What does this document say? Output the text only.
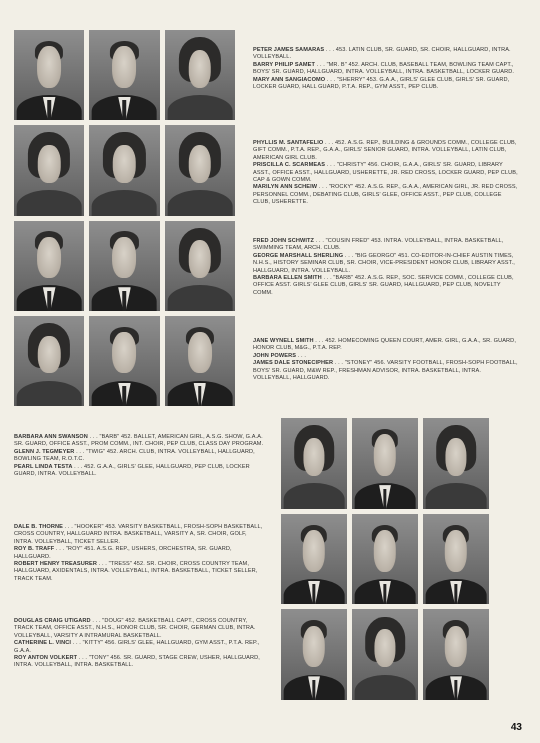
PETER JAMES SAMARAS . . . 453. LATIN CLUB, SR. GUARD, SR. CHOIR, HALLGUARD, INTRA. VOLLEYBALL.

BARRY PHILIP SAMET . . . "MR. B" 452. ARCH. CLUB, BASEBALL TEAM, BOWLING TEAM CAPT., BOYS' SR. GUARD, HALLGUARD, INTRA. VOLLEYBALL, INTRA. BASKETBALL, LOCKER GUARD.

MARY ANN SANGIACOMO . . . "SHERRY" 453. G.A.A., GIRLS' GLEE CLUB, GIRLS' SR. GUARD, LOCKER GUARD, HALL GUARD, P.T.A. REP., GYM ASST., PEP CLUB.

PHYLLIS M. SANTAFELIO . . . 452. A.S.G. REP., BUILDING & GROUNDS COMM., COLLEGE CLUB, GIFT COMM., P.T.A. REP., G.A.A., GIRLS' SENIOR GUARD, INTRA. VOLLEYBALL, LATIN CLUB, AMERICAN GIRL CLUB.

PRISCILLA C. SCARMEAS . . . "CHRISTY" 456. CHOIR, G.A.A., GIRLS' SR. GUARD, LIBRARY ASST., OFFICE ASST., HALLGUARD, USHERETTE, JR. RED CROSS, LOCKER GUARD, PEP CLUB, CAP & GOWN COMM.

MARILYN ANN SCHEIW . . . "ROCKY" 452. A.S.G. REP., G.A.A., AMERICAN GIRL, JR. RED CROSS, PERSONNEL COMM., DEBATING CLUB, GIRLS' GLEE, OFFICE ASST., PEP CLUB, COLLEGE CLUB, USHERETTE.

FRED JOHN SCHWITZ . . . "COUSIN FRED" 453. INTRA. VOLLEYBALL, INTRA. BASKETBALL, SWIMMING TEAM, ARCH. CLUB.

GEORGE MARSHALL SHERLING . . . "BIG GEORGO" 451. CO-EDITOR-IN-CHIEF AUSTIN TIMES, N.H.S., HISTORY SEMINAR CLUB, SR. CHOIR, VICE-PRESIDENT HONOR CLUB, LIBRARY ASST., HALLGUARD, INTRA. VOLLEYBALL.

BARBARA ELLEN SMITH . . . "BARB" 452. A.S.G. REP., SOC. SERVICE COMM., COLLEGE CLUB, OFFICE ASST. GIRLS' GLEE CLUB, GIRLS' SR. GUARD, HALLGUARD, PEP CLUB, NOVELTY COMM.

JANE WYNELL SMITH . . . 452. HOMECOMING QUEEN COURT, AMER. GIRL, G.A.A., SR. GUARD, HONOR CLUB, M&G., P.T.A. REP.

JOHN POWERS . . .

JAMES DALE STONECIPHER . . . "STONEY" 456. VARSITY FOOTBALL, FROSH-SOPH FOOTBALL, BOYS' SR. GUARD, M&W REP., FRESHMAN ADVISOR, INTRA. BASKETBALL, INTRA. VOLLEYBALL, HALLGUARD.

BARBARA ANN SWANSON . . . "BARB" 452. BALLET, AMERICAN GIRL, A.S.G. SHOW, G.A.A. SR. GUARD, OFFICE ASST., PROM COMM., INT. CHOIR, PEP CLUB, CLASS DAY PROGRAM.

GLENN J. TEGMEYER . . . "TWIG" 452. ARCH. CLUB, INTRA. VOLLEYBALL, HALLGUARD, BOWLING TEAM, R.O.T.C.

PEARL LINDA TESTA . . . 452. G.A.A., GIRLS' GLEE, HALLGUARD, PEP CLUB, LOCKER GUARD, INTRA. VOLLEYBALL.

DALE B. THORNE . . . "HOOKER" 453. VARSITY BASKETBALL, FROSH-SOPH BASKETBALL, CROSS COUNTRY, HALLGUARD INTRA. BASKETBALL, VARSITY A, SR. CHOIR, GOLF, INTRA. VOLLEYBALL, TICKET SELLER.

ROY B. TRAFF . . . "ROY" 451. A.S.G. REP., USHERS, ORCHESTRA, SR. GUARD, HALLGUARD.

ROBERT HENRY TREASURER . . . "TRESS" 452. SR. CHOIR, CROSS COUNTRY TEAM, HALLGUARD, AXIDENTALS, INTRA. VOLLEYBALL, INTRA. BASKETBALL, TICKET SELLER, TRACK TEAM.

DOUGLAS CRAIG UTIGARD . . . "DOUG" 452. BASKETBALL CAPT., CROSS COUNTRY, TRACK TEAM, OFFICE ASST., N.H.S., HONOR CLUB, SR. CHOIR, GERMAN CLUB, INTRA. VOLLEYBALL, VARSITY A INTRAMURAL BASKETBALL.

CATHERINE L. VINCI . . . "KITTY" 456. GIRLS' GLEE, HALLGUARD, GYM ASST., P.T.A. REP., G.A.A.

ROY ANTON VOLKERT . . . "TONY" 456. SR. GUARD, STAGE CREW, USHER, HALLGUARD, INTRA. VOLLEYBALL, INTRA. BASKETBALL.

43
